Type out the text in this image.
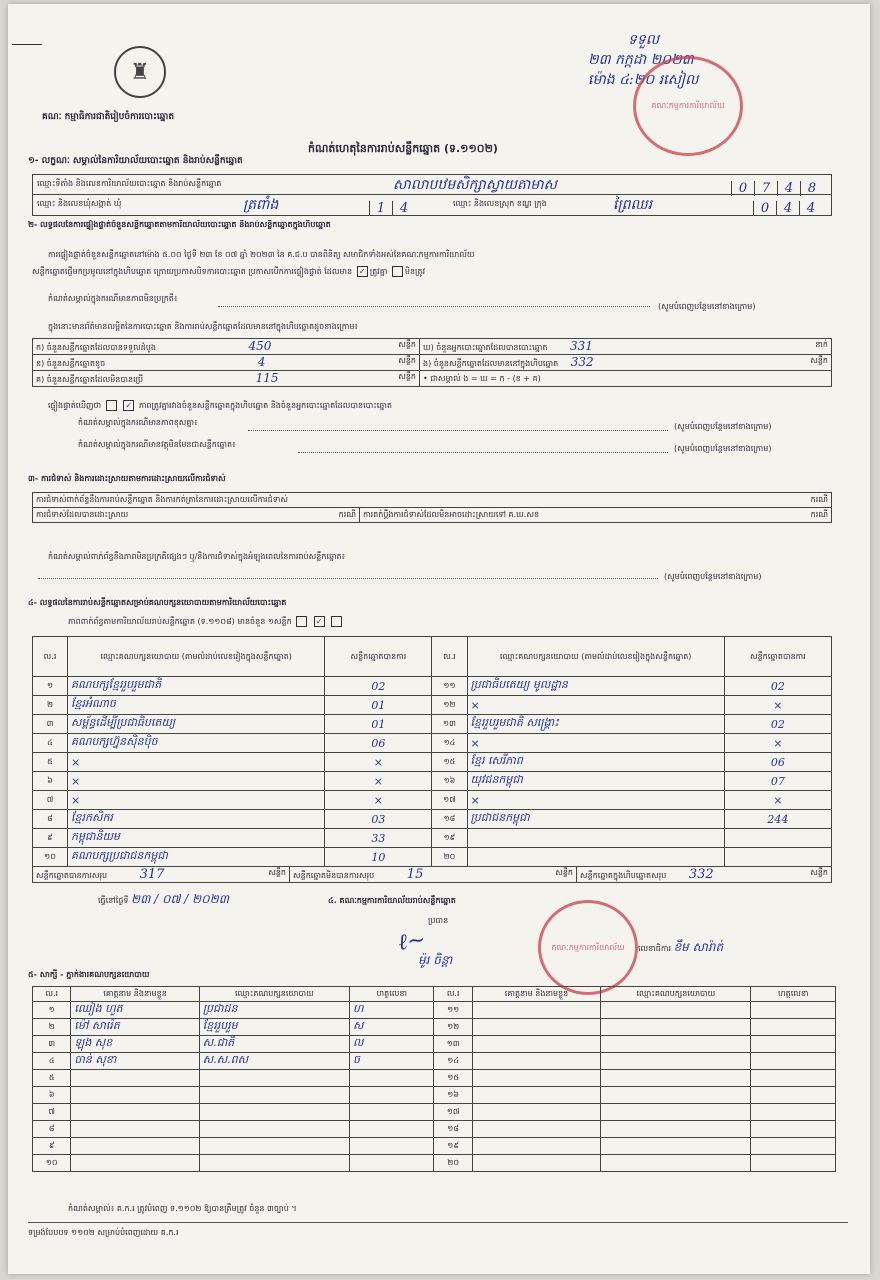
♜
គណៈ កម្មាធិការជាតិរៀបចំការបោះឆ្នោត
កំណត់ហេតុនៃការរាប់សន្លឹកឆ្នោត (ទ.១១០២)
ទទួល
២៣ កក្កដា ២០២៣
ម៉ោង ៤:២០ រសៀល
គណៈកម្មការការិយាល័យ
១- លក្ខណៈ សម្គាល់នៃការិយាល័យបោះឆ្នោត និងរាប់សន្លឹកឆ្នោត
ឈ្មោះទីតាំង និងលេខការិយាល័យបោះឆ្នោត និងរាប់សន្លឹកឆ្នោត	សាលាបឋមសិក្សាស្វាយតាមាស	0 7 4 8
ឈ្មោះ និងលេខឃុំសង្កាត់ ឃុំ	ត្រពាំង	1 4	ឈ្មោះ និងលេខស្រុក ខណ្ឌ ក្រុង	ព្រៃឈរ	0 4 4
២- លទ្ធផលនៃការផ្ទៀងផ្ទាត់ចំនួនសន្លឹកឆ្នោតតាមការិយាល័យបោះឆ្នោត និងរាប់សន្លឹកឆ្នោតក្នុងហិបឆ្នោត
ការផ្ទៀងផ្ទាត់ចំនួនសន្លឹកឆ្នោតនៅម៉ោង ៥.០០ ថ្ងៃទី ២៣ ខែ ០៧ ឆ្នាំ ២០២៣ នៃ គ.ជ.ប បានពិនិត្យ សមាជិកទាំងអស់នៃគណៈកម្មការការិយាល័យ
សន្លឹកឆ្នោតផ្ញើមកប្រមូលនៅក្នុងហិបឆ្នោត ក្រោយប្រកាសបិទការបោះឆ្នោត ប្រកាសបើកការផ្ទៀងផ្ទាត់ ដែលមាន ✓ ត្រូវគ្នា មិនត្រូវ
កំណត់សម្គាល់ក្នុងករណីមានភាពមិនប្រក្រតី៖
(សូមបំពេញបន្ថែមនៅខាងក្រោម)
ក្នុងនោះមានព័ត៌មានលម្អិតនៃការបោះឆ្នោត និងការរាប់សន្លឹកឆ្នោតដែលមាននៅក្នុងហិបឆ្នោតដូចខាងក្រោម៖
ក) ចំនួនសន្លឹកឆ្នោតដែលបានទទួលដំបូង 450 សន្លឹក	ឃ) ចំនួនអ្នកបោះឆ្នោតដែលបានបោះឆ្នោត 331 នាក់

ខ) ចំនួនសន្លឹកឆ្នោតខូច 4 សន្លឹក	ង) ចំនួនសន្លឹកឆ្នោតដែលមាននៅក្នុងហិបឆ្នោត 332 សន្លឹក

គ) ចំនួនសន្លឹកឆ្នោតដែលមិនបានប្រើ 115 សន្លឹក	• ជាសម្គាល់ ង = ឃ = ក - (ខ + គ)
ផ្ទៀងផ្ទាត់ឃើញថា	✓ ភាពត្រូវគ្នារវាងចំនួនសន្លឹកឆ្នោតក្នុងហិបឆ្នោត និងចំនួនអ្នកបោះឆ្នោតដែលបានបោះឆ្នោត
កំណត់សម្គាល់ក្នុងករណីមានភាពខុសគ្នា៖	(សូមបំពេញបន្ថែមនៅខាងក្រោម)
កំណត់សម្គាល់ក្នុងករណីមានវត្ថុមិនមែនជាសន្លឹកឆ្នោត៖	(សូមបំពេញបន្ថែមនៅខាងក្រោម)
៣- ការជំទាស់ និងការដោះស្រាយតាមការដោះស្រាយលើការជំទាស់
ការជំទាស់ពាក់ព័ន្ធនឹងការរាប់សន្លឹកឆ្នោត និងការកត់ត្រានៃការដោះស្រាយលើការជំទាស់	ករណី

ការជំទាស់ដែលបានដោះស្រាយ	ករណី	ការតក់ប្តឹងការជំទាស់ដែលមិនអាចដោះស្រាយទៅ គ.ឃ.សខ	ករណី
កំណត់សម្គាល់ពាក់ព័ន្ធនឹងភាពមិនប្រក្រតីផ្សេងៗ ឬ/និងការជំទាស់ក្នុងអំឡុងពេលនៃការរាប់សន្លឹកឆ្នោត៖
(សូមបំពេញបន្ថែមនៅខាងក្រោម)
៤- លទ្ធផលនៃការរាប់សន្លឹកឆ្នោតសម្រាប់គណបក្សនយោបាយតាមការិយាល័យបោះឆ្នោត
ភាពពាក់ព័ន្ធតាមការិយាល័យរាប់សន្លឹកឆ្នោត (ទ.១១០៨) មានចំនួន ១សន្លឹក	✓
ល.រ	ឈ្មោះគណបក្សនយោបាយ (តាមលំដាប់លេខរៀងក្នុងសន្លឹកឆ្នោត)	សន្លឹកឆ្នោតបានការ	ល.រ	ឈ្មោះគណបក្សនយោបាយ (តាមលំដាប់លេខរៀងក្នុងសន្លឹកឆ្នោត)	សន្លឹកឆ្នោតបានការ
១	គណបក្សខ្មែររួបរួមជាតិ	02	១១	ប្រជាធិបតេយ្យ មូលដ្ឋាន	02
២	ខ្មែរអំណាច	01	១២	×	×
៣	សម្ព័ន្ធដើម្បីប្រជាធិបតេយ្យ	01	១៣	ខ្មែររួបរួមជាតិ សង្គ្រោះ	02
៤	គណបក្សហ្វ៊ុនស៊ិនប៉ិច	06	១៤	×	×
៥	×	×	១៥	ខ្មែរ សេរីភាព	06
៦	×	×	១៦	យុវជនកម្ពុជា	07
៧	×	×	១៧	×	×
៨	ខ្មែរកសិករ	03	១៨	ប្រជាជនកម្ពុជា	244
៩	កម្ពុជានិយម	33	១៩		
១០	គណបក្សប្រជាជនកម្ពុជា	10	២០		
សន្លឹកឆ្នោតបានការសរុប	317	សន្លឹក	សន្លឹកឆ្នោតមិនបានការសរុប	15	សន្លឹក	សន្លឹកឆ្នោតក្នុងហិបឆ្នោតសរុប 332	សន្លឹក
ធ្វើនៅថ្ងៃទី ២៣ / ០៧ / ២០២៣	៤. គណៈកម្មការការិយាល័យរាប់សន្លឹកឆ្នោត
ប្រធាន
ℓ~
ម៉ូរ ចិន្តា
គណៈកម្មការការិយាល័យ លេខាធិការ ខឹម សារ៉ាត់
៥- សាក្សី - ភ្នាក់ងារគណបក្សនយោបាយ
ល.រ	គោត្តនាម និងនាមខ្លួន	ឈ្មោះគណបក្សនយោបាយ	ហត្ថលេខា	ល.រ	គោត្តនាម និងនាមខ្លួន	ឈ្មោះគណបក្សនយោបាយ	ហត្ថលេខា
១	ឈៀង ហួត	ប្រជាជន	ហ	១១			
២	ម៉ៅ សារ៉េត	ខ្មែររួបរួម	ស	១២			
៣	ឡុង សុខ	ស.ជាតិ	ល	១៣			
៤	ចាន់ សុខា	ស.ស.ពស	ច	១៤			
៥				១៥			
៦				១៦			
៧				១៧			
៨				១៨			
៩				១៩			
១០				២០			
កំណត់សម្គាល់៖ គ.ក.រ ត្រូវបំពេញ ទ.១១០២ ឱ្យបានត្រឹមត្រូវ ចំនួន ៣ច្បាប់ ។
ទម្រង់បែបបទ ១១០២ សម្រាប់បំពេញដោយ គ.ក.រ
